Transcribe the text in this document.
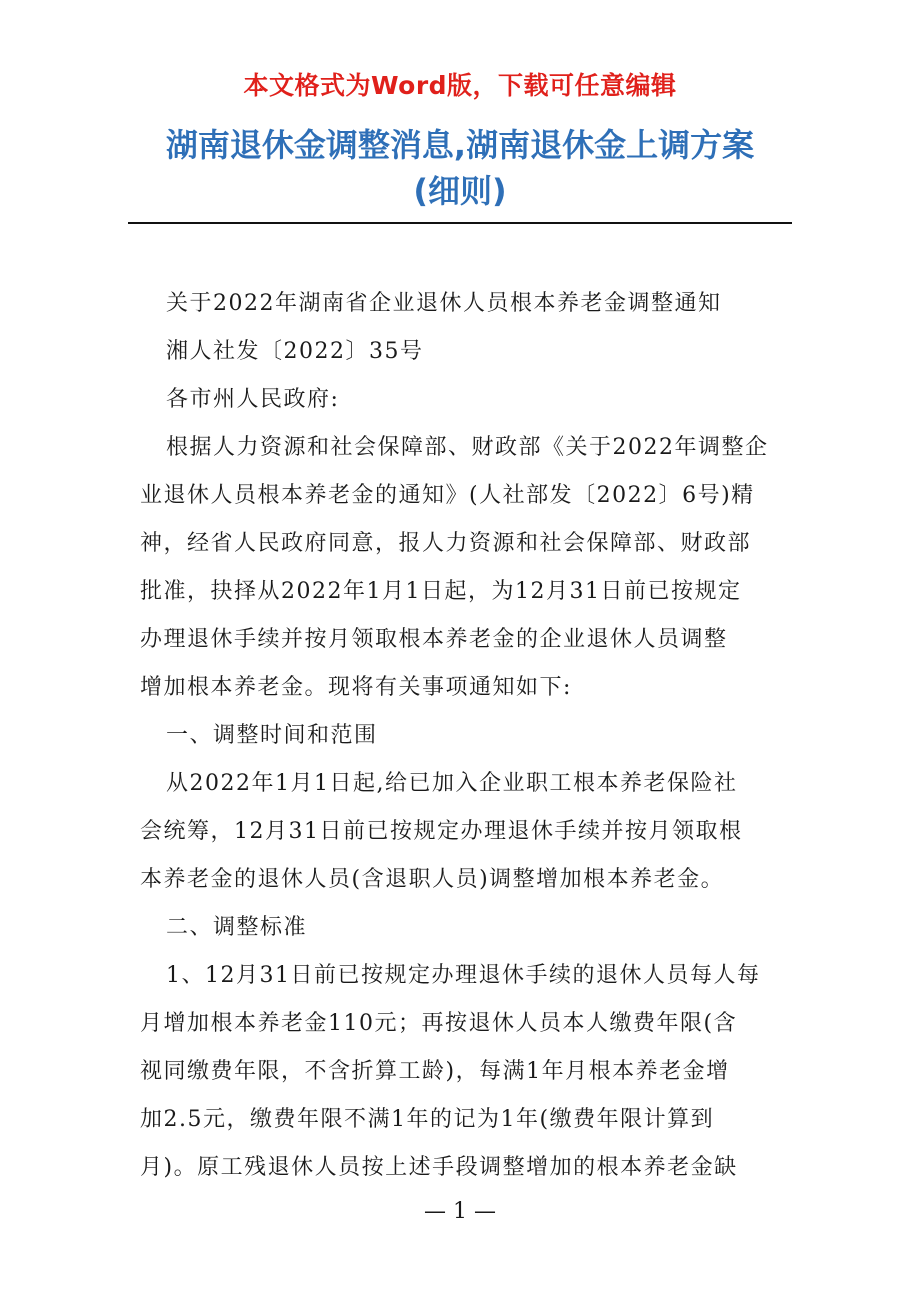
本文格式为Word版，下载可任意编辑
湖南退休金调整消息,湖南退休金上调方案
(细则)
关于2022年湖南省企业退休人员根本养老金调整通知
湘人社发〔2022〕35号
各市州人民政府:
根据人力资源和社会保障部、财政部《关于2022年调整企
业退休人员根本养老金的通知》(人社部发〔2022〕6号)精
神，经省人民政府同意，报人力资源和社会保障部、财政部
批准，抉择从2022年1月1日起，为12月31日前已按规定
办理退休手续并按月领取根本养老金的企业退休人员调整
增加根本养老金。现将有关事项通知如下:
一、调整时间和范围
从2022年1月1日起,给已加入企业职工根本养老保险社
会统筹，12月31日前已按规定办理退休手续并按月领取根
本养老金的退休人员(含退职人员)调整增加根本养老金。
二、调整标准
1、12月31日前已按规定办理退休手续的退休人员每人每
月增加根本养老金110元；再按退休人员本人缴费年限(含
视同缴费年限，不含折算工龄)，每满1年月根本养老金增
加2.5元，缴费年限不满1年的记为1年(缴费年限计算到
月)。原工残退休人员按上述手段调整增加的根本养老金缺
— 1 —
